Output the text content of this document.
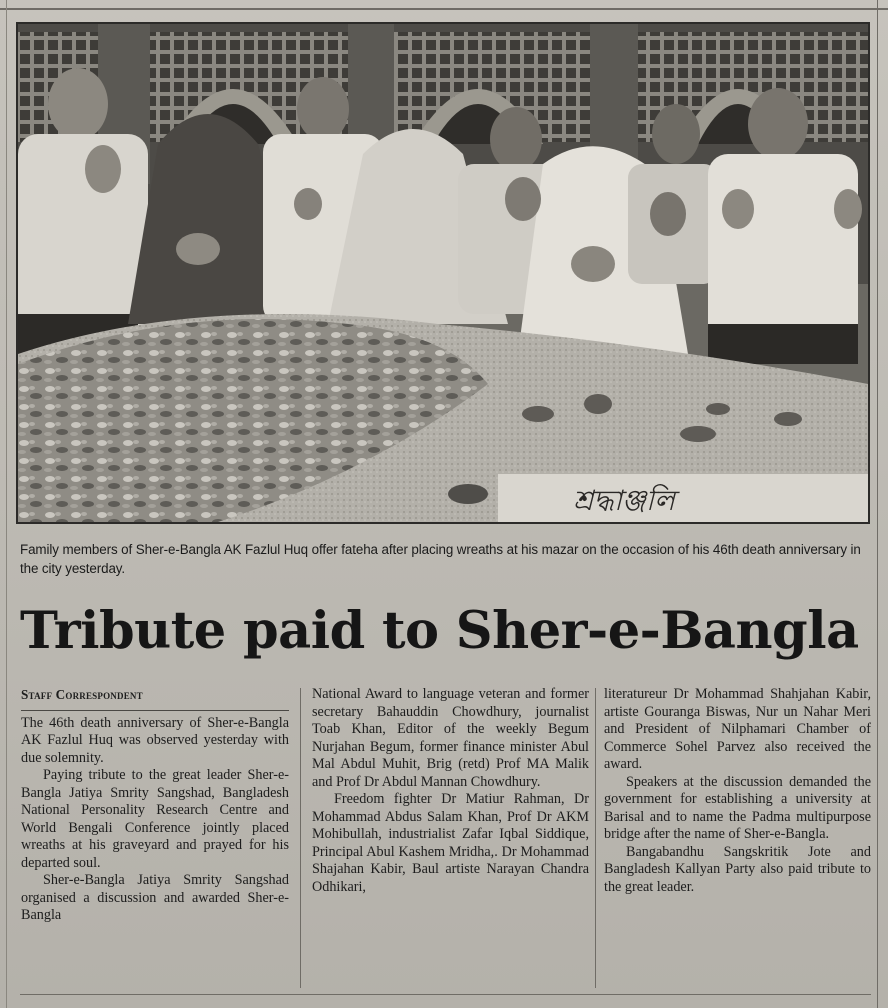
শ্রদ্ধাঞ্জলি
Family members of Sher-e-Bangla AK Fazlul Huq offer fateha after placing wreaths at his mazar on the occasion of his 46th death anniversary in the city yesterday.
Tribute paid to Sher-e-Bangla
Staff Correspondent

The 46th death anniversary of Sher-e-Bangla AK Fazlul Huq was observed yesterday with due solemnity.

Paying tribute to the great leader Sher-e-Bangla Jatiya Smrity Sangshad, Bangladesh National Personality Research Centre and World Bengali Conference jointly placed wreaths at his graveyard and prayed for his departed soul.

Sher-e-Bangla Jatiya Smrity Sangshad organised a discussion and awarded Sher-e-Bangla

National Award to language veteran and former secretary Bahauddin Chowdhury, journalist Toab Khan, Editor of the weekly Begum Nurjahan Begum, former finance minister Abul Mal Abdul Muhit, Brig (retd) Prof MA Malik and Prof Dr Abdul Mannan Chowdhury.

Freedom fighter Dr Matiur Rahman, Dr Mohammad Abdus Salam Khan, Prof Dr AKM Mohibullah, industrialist Zafar Iqbal Siddique, Principal Abul Kashem Mridha,. Dr Mohammad Shajahan Kabir, Baul artiste Narayan Chandra Odhikari,

literatureur Dr Mohammad Shahjahan Kabir, artiste Gouranga Biswas, Nur un Nahar Meri and President of Nilphamari Chamber of Commerce Sohel Parvez also received the award.

Speakers at the discussion demanded the government for establishing a university at Barisal and to name the Padma multipurpose bridge after the name of Sher-e-Bangla.

Bangabandhu Sangskritik Jote and Bangladesh Kallyan Party also paid tribute to the great leader.
